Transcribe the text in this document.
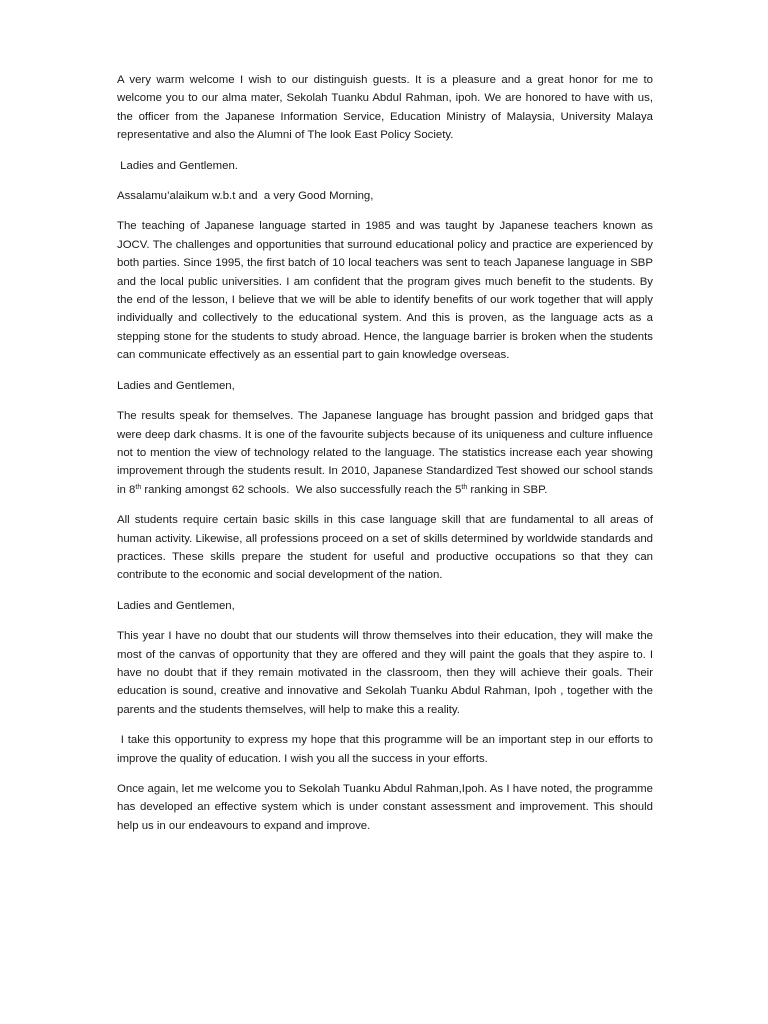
A very warm welcome I wish to our distinguish guests. It is a pleasure and a great honor for me to welcome you to our alma mater, Sekolah Tuanku Abdul Rahman, ipoh. We are honored to have with us, the officer from the Japanese Information Service, Education Ministry of Malaysia, University Malaya representative and also the Alumni of The look East Policy Society.

Ladies and Gentlemen.

Assalamu’alaikum w.b.t and  a very Good Morning,

The teaching of Japanese language started in 1985 and was taught by Japanese teachers known as JOCV. The challenges and opportunities that surround educational policy and practice are experienced by both parties. Since 1995, the first batch of 10 local teachers was sent to teach Japanese language in SBP and the local public universities. I am confident that the program gives much benefit to the students. By the end of the lesson, I believe that we will be able to identify benefits of our work together that will apply individually and collectively to the educational system. And this is proven, as the language acts as a stepping stone for the students to study abroad. Hence, the language barrier is broken when the students can communicate effectively as an essential part to gain knowledge overseas.

Ladies and Gentlemen,

The results speak for themselves. The Japanese language has brought passion and bridged gaps that were deep dark chasms. It is one of the favourite subjects because of its uniqueness and culture influence not to mention the view of technology related to the language. The statistics increase each year showing improvement through the students result. In 2010, Japanese Standardized Test showed our school stands in 8th ranking amongst 62 schools.  We also successfully reach the 5th ranking in SBP.

All students require certain basic skills in this case language skill that are fundamental to all areas of human activity. Likewise, all professions proceed on a set of skills determined by worldwide standards and practices. These skills prepare the student for useful and productive occupations so that they can contribute to the economic and social development of the nation.

Ladies and Gentlemen,

This year I have no doubt that our students will throw themselves into their education, they will make the most of the canvas of opportunity that they are offered and they will paint the goals that they aspire to. I have no doubt that if they remain motivated in the classroom, then they will achieve their goals. Their education is sound, creative and innovative and Sekolah Tuanku Abdul Rahman, Ipoh , together with the parents and the students themselves, will help to make this a reality.

I take this opportunity to express my hope that this programme will be an important step in our efforts to improve the quality of education. I wish you all the success in your efforts.

Once again, let me welcome you to Sekolah Tuanku Abdul Rahman,Ipoh. As I have noted, the programme has developed an effective system which is under constant assessment and improvement. This should help us in our endeavours to expand and improve.
